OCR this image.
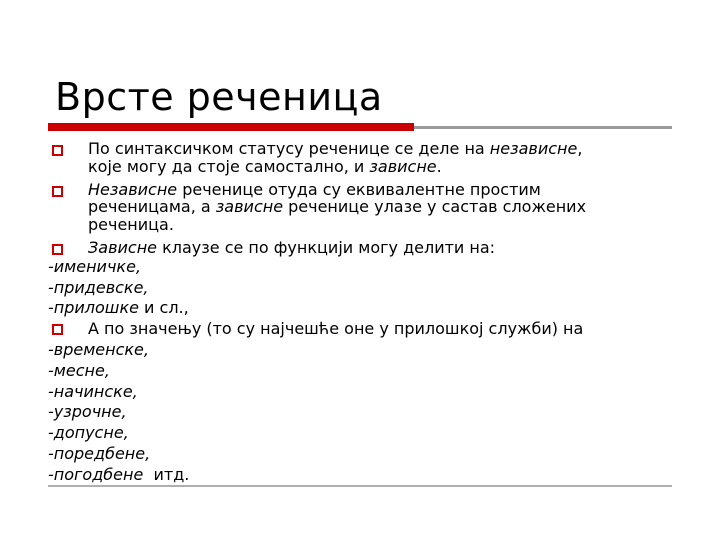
Врсте реченица
По синтаксичком статусу реченице се деле на независне,
које могу да стоје самостално, и зависне.
Независне реченице отуда су еквивалентне простим
реченицама, а зависне реченице улазе у састав сложених
реченица.
Зависне клаузе се по функцији могу делити на:
-именичке,
-придевске,
-прилошке и сл.,
А по значењу (то су најчешће оне у прилошкој служби) на
-временске,
-месне,
-начинске,
-узрочне,
-допусне,
-поредбене,
-погодбене  итд.
